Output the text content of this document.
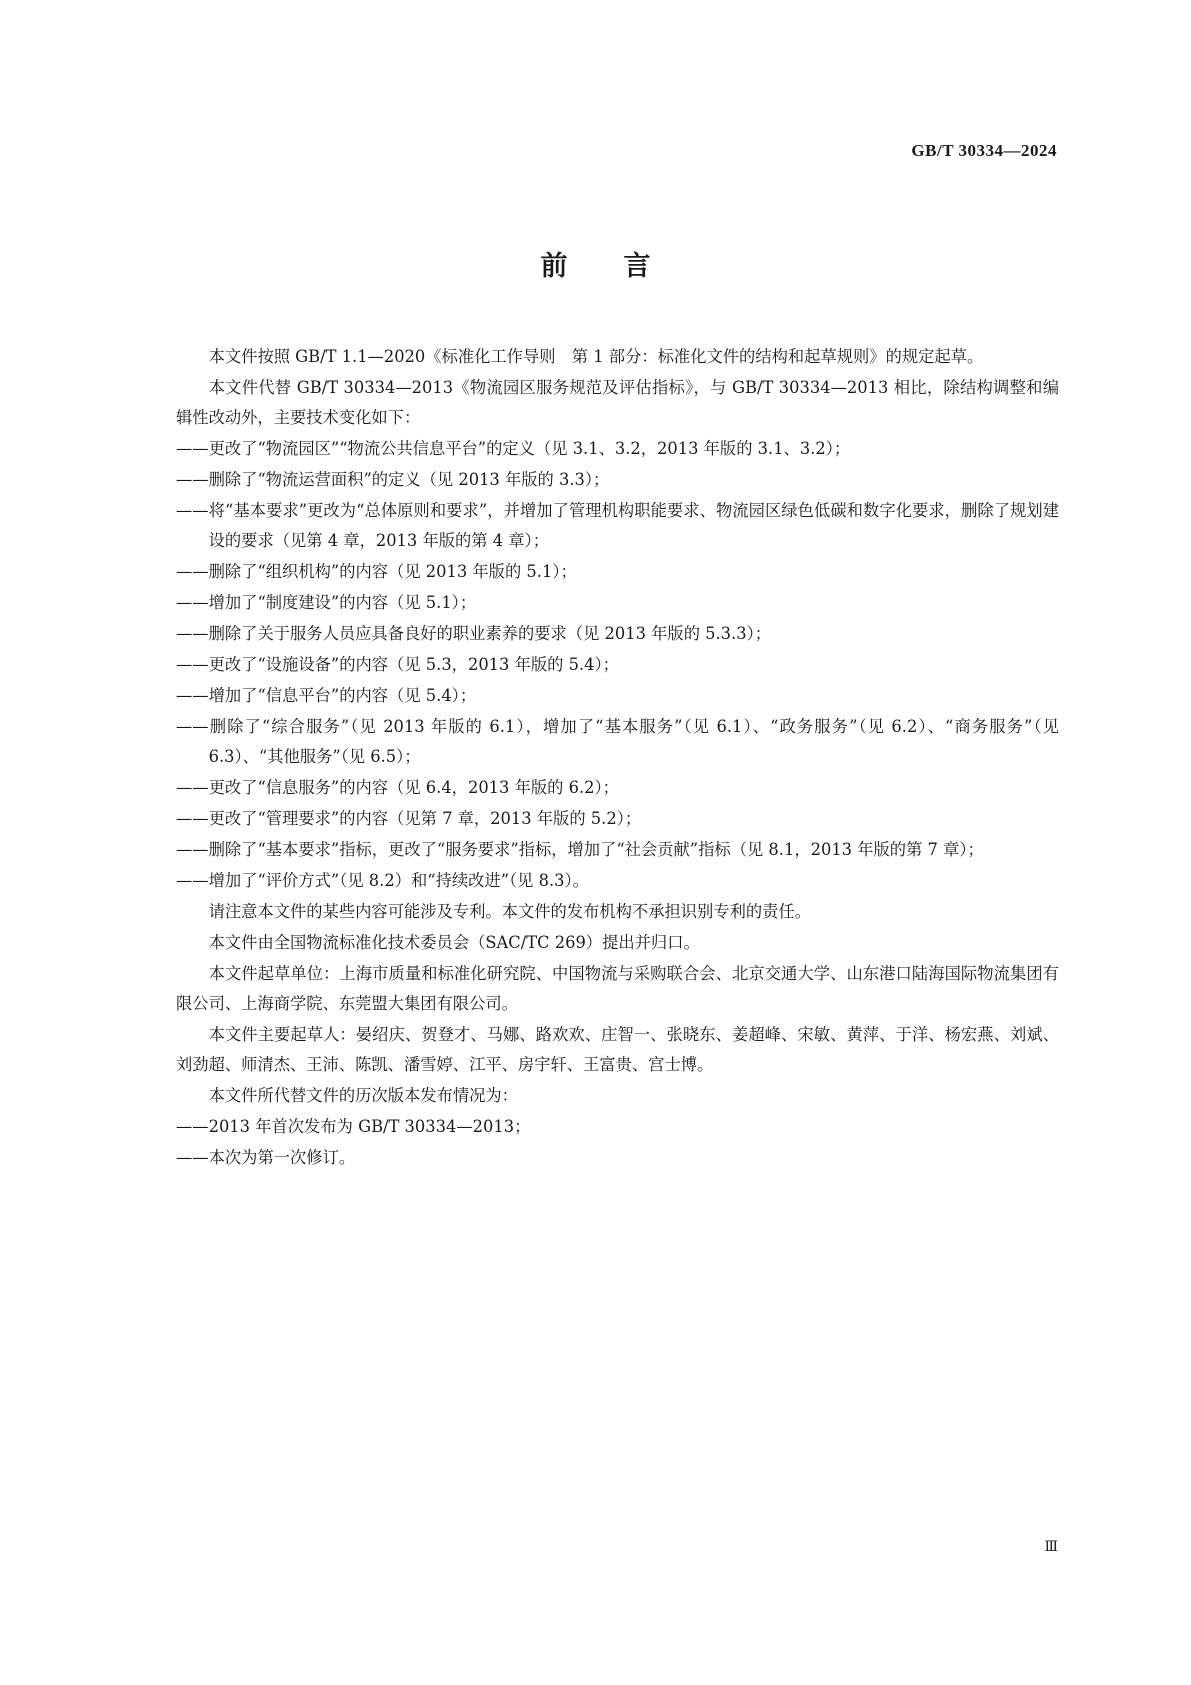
GB/T 30334—2024
前言

本文件按照 GB/T 1.1—2020《标准化工作导则　第 1 部分：标准化文件的结构和起草规则》的规定起草。

本文件代替 GB/T 30334—2013《物流园区服务规范及评估指标》，与 GB/T 30334—2013 相比，除结构调整和编辑性改动外，主要技术变化如下：

——更改了“物流园区”“物流公共信息平台”的定义（见 3.1、3.2，2013 年版的 3.1、3.2）；

——删除了“物流运营面积”的定义（见 2013 年版的 3.3）；

——将“基本要求”更改为“总体原则和要求”，并增加了管理机构职能要求、物流园区绿色低碳和数字化要求，删除了规划建设的要求（见第 4 章，2013 年版的第 4 章）；

——删除了“组织机构”的内容（见 2013 年版的 5.1）；

——增加了“制度建设”的内容（见 5.1）；

——删除了关于服务人员应具备良好的职业素养的要求（见 2013 年版的 5.3.3）；

——更改了“设施设备”的内容（见 5.3，2013 年版的 5.4）；

——增加了“信息平台”的内容（见 5.4）；

——删除了“综合服务”（见 2013 年版的 6.1），增加了“基本服务”（见 6.1）、“政务服务”（见 6.2）、“商务服务”（见 6.3）、“其他服务”（见 6.5）；

——更改了“信息服务”的内容（见 6.4，2013 年版的 6.2）；

——更改了“管理要求”的内容（见第 7 章，2013 年版的 5.2）；

——删除了“基本要求”指标，更改了“服务要求”指标，增加了“社会贡献”指标（见 8.1，2013 年版的第 7 章）；

——增加了“评价方式”（见 8.2）和“持续改进”（见 8.3）。

请注意本文件的某些内容可能涉及专利。本文件的发布机构不承担识别专利的责任。

本文件由全国物流标准化技术委员会（SAC/TC 269）提出并归口。

本文件起草单位：上海市质量和标准化研究院、中国物流与采购联合会、北京交通大学、山东港口陆海国际物流集团有限公司、上海商学院、东莞盟大集团有限公司。

本文件主要起草人：晏绍庆、贺登才、马娜、路欢欢、庄智一、张晓东、姜超峰、宋敏、黄萍、于洋、杨宏燕、刘斌、刘劲超、师清杰、王沛、陈凯、潘雪婷、江平、房宇轩、王富贵、宫士博。

本文件所代替文件的历次版本发布情况为：

——2013 年首次发布为 GB/T 30334—2013；

——本次为第一次修订。

Ⅲ
